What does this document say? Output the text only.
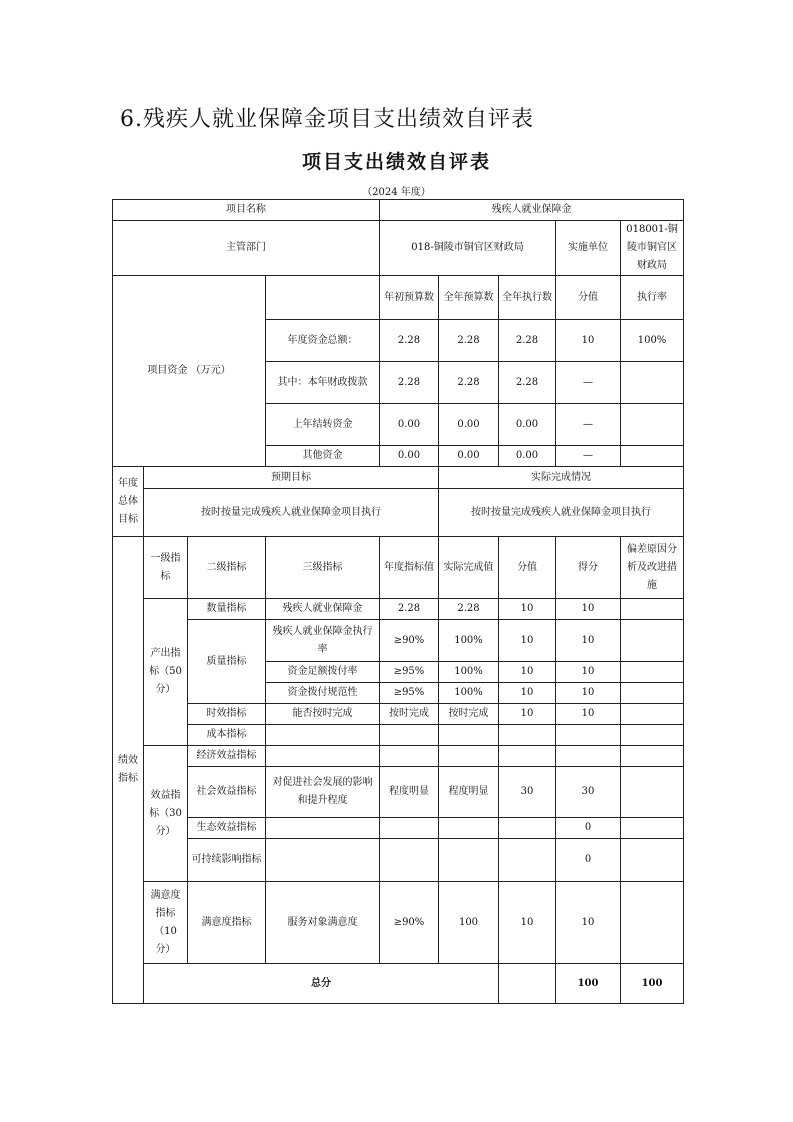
6.残疾人就业保障金项目支出绩效自评表
项目支出绩效自评表
（2024 年度）
项目名称				残疾人就业保障金					
主管部门				018-铜陵市铜官区财政局			实施单位	018001-铜陵市铜官区财政局	
项目资金 （万元）				年初预算数	全年预算数	全年执行数	分值	执行率	
			年度资金总额：	2.28	2.28	2.28	10	100%	
			其中：本年财政拨款	2.28	2.28	2.28	—		
			上年结转资金	0.00	0.00	0.00	—		
			其他资金	0.00	0.00	0.00	—		
年度总体目标	预期目标				实际完成情况				
	按时按量完成残疾人就业保障金项目执行				按时按量完成残疾人就业保障金项目执行				
绩效指标	一级指标	二级指标	三级指标	年度指标值	实际完成值	分值	得分	偏差原因分析及改进措施	
	产出指标（50分）	数量指标	残疾人就业保障金	2.28	2.28	10	10		
		质量指标	残疾人就业保障金执行率	≥90%	100%	10	10		
			资金足额拨付率	≥95%	100%	10	10		
			资金拨付规范性	≥95%	100%	10	10		
		时效指标	能否按时完成	按时完成	按时完成	10	10		
		成本指标							
	效益指标（30分）	经济效益指标							
		社会效益指标	对促进社会发展的影响和提升程度	程度明显	程度明显	30	30		
		生态效益指标					0		
		可持续影响指标					0		
	满意度指标（10分）	满意度指标	服务对象满意度	≥90%	100	10	10		
	总分						100	100	
